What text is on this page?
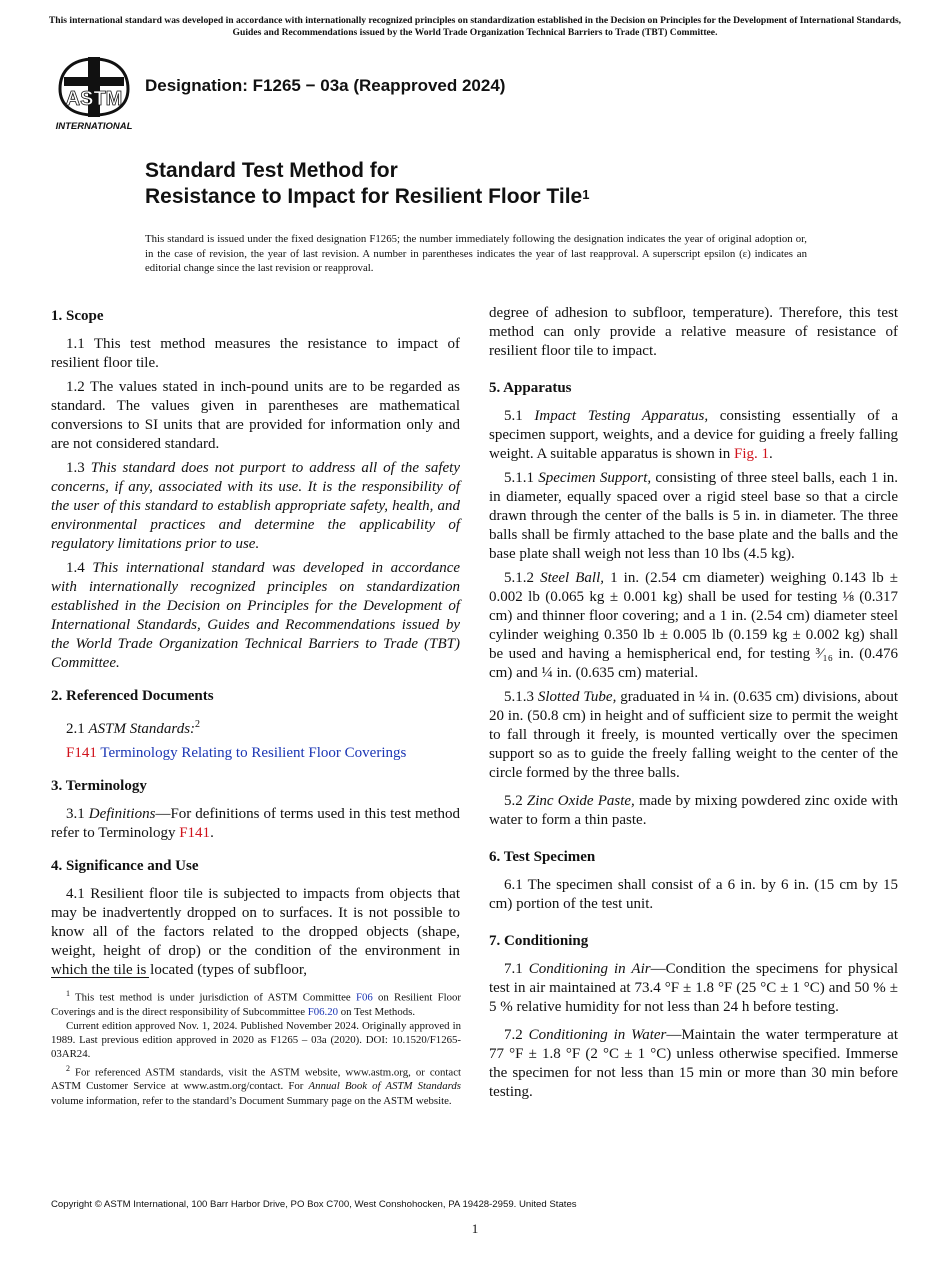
This international standard was developed in accordance with internationally recognized principles on standardization established in the Decision on Principles for the Development of International Standards, Guides and Recommendations issued by the World Trade Organization Technical Barriers to Trade (TBT) Committee.
ASTM
INTERNATIONAL
Designation: F1265 − 03a (Reapproved 2024)
Standard Test Method for
Resistance to Impact for Resilient Floor Tile$^1$
This standard is issued under the fixed designation F1265; the number immediately following the designation indicates the year of original adoption or, in the case of revision, the year of last revision. A number in parentheses indicates the year of last reapproval. A superscript epsilon (ε) indicates an editorial change since the last revision or reapproval.
1. Scope

1.1 This test method measures the resistance to impact of resilient floor tile.

1.2 The values stated in inch-pound units are to be regarded as standard. The values given in parentheses are mathematical conversions to SI units that are provided for information only and are not considered standard.

1.3 This standard does not purport to address all of the safety concerns, if any, associated with its use. It is the responsibility of the user of this standard to establish appropriate safety, health, and environmental practices and determine the applicability of regulatory limitations prior to use.

1.4 This international standard was developed in accordance with internationally recognized principles on standardization established in the Decision on Principles for the Development of International Standards, Guides and Recommendations issued by the World Trade Organization Technical Barriers to Trade (TBT) Committee.

2. Referenced Documents

2.1 ASTM Standards:$^2$

F141 Terminology Relating to Resilient Floor Coverings

3. Terminology

3.1 Definitions—For definitions of terms used in this test method refer to Terminology F141.

4. Significance and Use

4.1 Resilient floor tile is subjected to impacts from objects that may be inadvertently dropped on to surfaces. It is not possible to know all of the factors related to the dropped objects (shape, weight, height of drop) or the condition of the environment in which the tile is located (types of subfloor,

degree of adhesion to subfloor, temperature). Therefore, this test method can only provide a relative measure of resistance of resilient floor tile to impact.

5. Apparatus

5.1 Impact Testing Apparatus, consisting essentially of a specimen support, weights, and a device for guiding a freely falling weight. A suitable apparatus is shown in Fig. 1.

5.1.1 Specimen Support, consisting of three steel balls, each 1 in. in diameter, equally spaced over a rigid steel base so that a circle drawn through the center of the balls is 5 in. in diameter. The three balls shall be firmly attached to the base plate and the balls and the base plate shall weigh not less than 10 lbs (4.5 kg).

5.1.2 Steel Ball, 1 in. (2.54 cm diameter) weighing 0.143 lb ± 0.002 lb (0.065 kg ± 0.001 kg) shall be used for testing ⅛ (0.317 cm) and thinner floor covering; and a 1 in. (2.54 cm) diameter steel cylinder weighing 0.350 lb ± 0.005 lb (0.159 kg ± 0.002 kg) shall be used and having a hemispherical end, for testing ³⁄₁₆ in. (0.476 cm) and ¼ in. (0.635 cm) material.

5.1.3 Slotted Tube, graduated in ¼ in. (0.635 cm) divisions, about 20 in. (50.8 cm) in height and of sufficient size to permit the weight to fall through it freely, is mounted vertically over the specimen support so as to guide the freely falling weight to the center of the circle formed by the three balls.

5.2 Zinc Oxide Paste, made by mixing powdered zinc oxide with water to form a thin paste.

6. Test Specimen

6.1 The specimen shall consist of a 6 in. by 6 in. (15 cm by 15 cm) portion of the test unit.

7. Conditioning

7.1 Conditioning in Air—Condition the specimens for physical test in air maintained at 73.4 °F ± 1.8 °F (25 °C ± 1 °C) and 50 % ± 5 % relative humidity for not less than 24 h before testing.

7.2 Conditioning in Water—Maintain the water termperature at 77 °F ± 1.8 °F (2 °C ± 1 °C) unless otherwise specified. Immerse the specimen for not less than 15 min or more than 30 min before testing.

$^1$ This test method is under jurisdiction of ASTM Committee F06 on Resilient Floor Coverings and is the direct responsibility of Subcommittee F06.20 on Test Methods.

Current edition approved Nov. 1, 2024. Published November 2024. Originally approved in 1989. Last previous edition approved in 2020 as F1265 – 03a (2020). DOI: 10.1520/F1265-03AR24.

$^2$ For referenced ASTM standards, visit the ASTM website, www.astm.org, or contact ASTM Customer Service at www.astm.org/contact. For Annual Book of ASTM Standards volume information, refer to the standard’s Document Summary page on the ASTM website.

Copyright © ASTM International, 100 Barr Harbor Drive, PO Box C700, West Conshohocken, PA 19428-2959. United States
1
